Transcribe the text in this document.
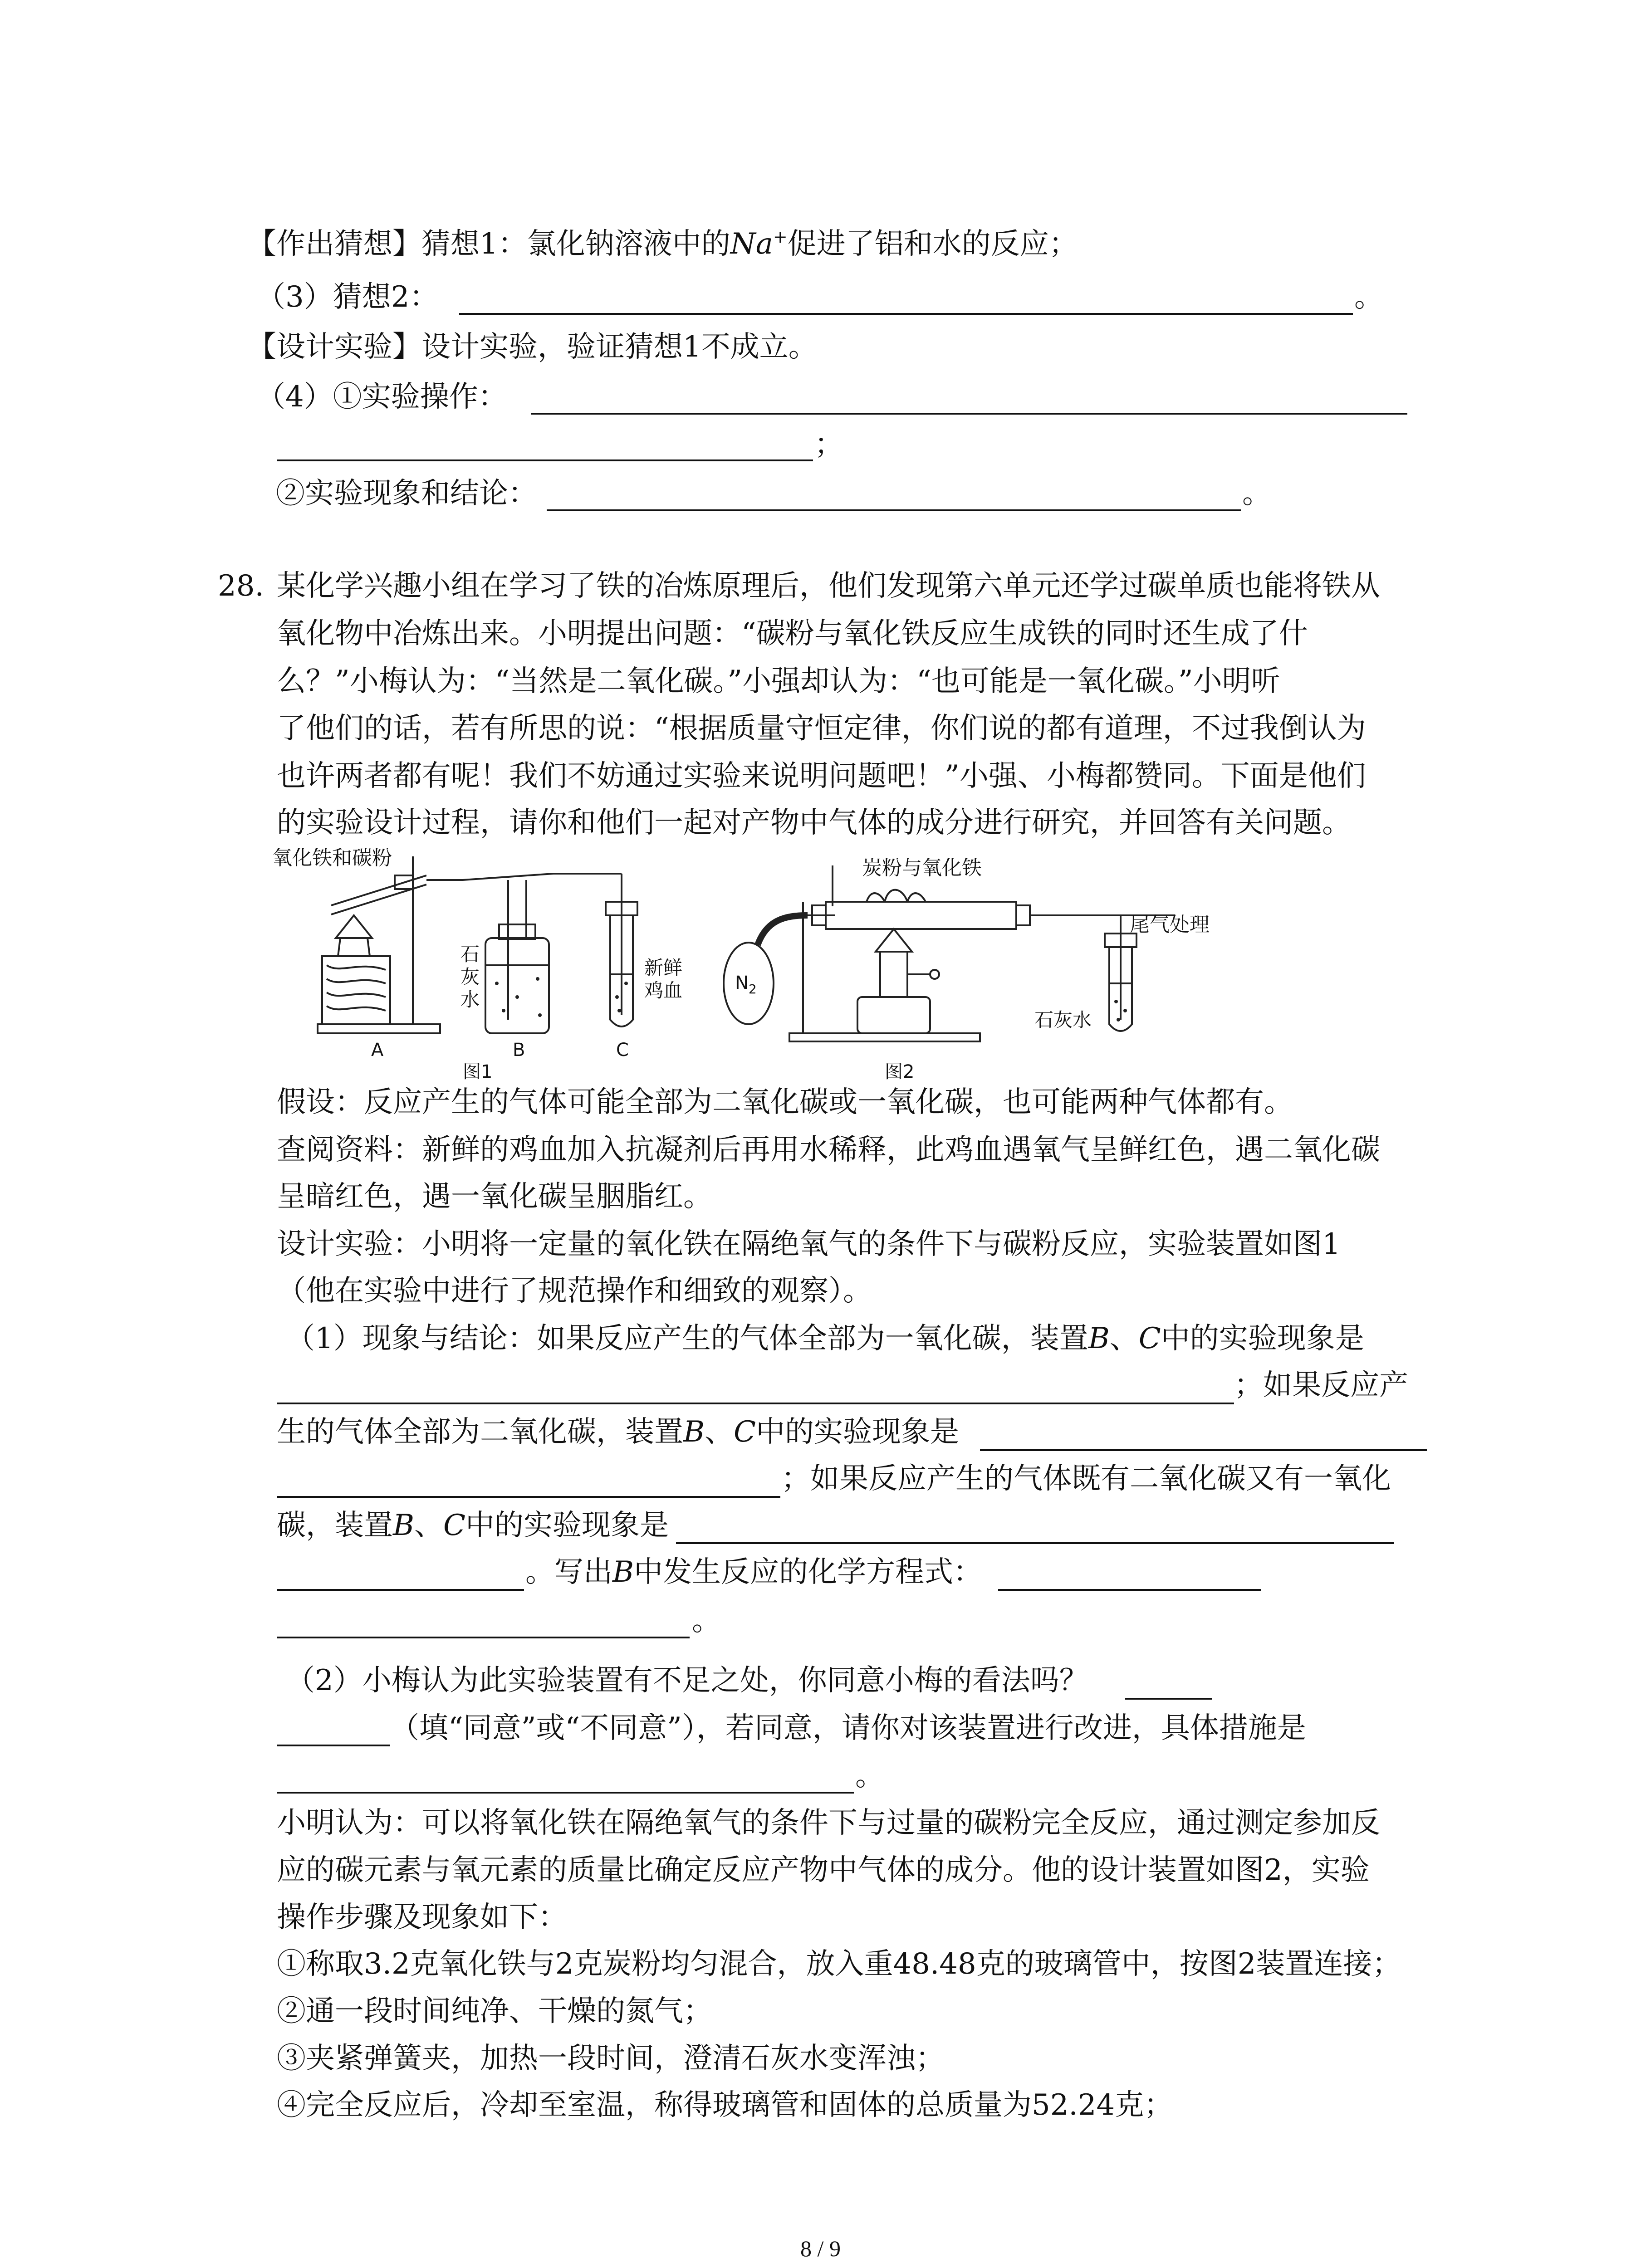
【作出猜想】猜想1：氯化钠溶液中的Na+促进了铝和水的反应；
（3）猜想2：	。
【设计实验】设计实验，验证猜想1不成立。
（4）①实验操作：
；
②实验现象和结论：	。
28. 某化学兴趣小组在学习了铁的冶炼原理后，他们发现第六单元还学过碳单质也能将铁从
氧化物中冶炼出来。小明提出问题：“碳粉与氧化铁反应生成铁的同时还生成了什
么？”小梅认为：“当然是二氧化碳。”小强却认为：“也可能是一氧化碳。”小明听
了他们的话，若有所思的说：“根据质量守恒定律，你们说的都有道理，不过我倒认为
也许两者都有呢！我们不妨通过实验来说明问题吧！”小强、小梅都赞同。下面是他们
的实验设计过程，请你和他们一起对产物中气体的成分进行研究，并回答有关问题。
氧化铁和碳粉
石
灰
水
新鲜
鸡血
A	B	C
图1
炭粉与氧化铁
尾气处理
$N_2$
石灰水
图2
假设：反应产生的气体可能全部为二氧化碳或一氧化碳，也可能两种气体都有。
查阅资料：新鲜的鸡血加入抗凝剂后再用水稀释，此鸡血遇氧气呈鲜红色，遇二氧化碳
呈暗红色，遇一氧化碳呈胭脂红。
设计实验：小明将一定量的氧化铁在隔绝氧气的条件下与碳粉反应，实验装置如图1
（他在实验中进行了规范操作和细致的观察）。
（1）现象与结论：如果反应产生的气体全部为一氧化碳，装置B、C中的实验现象是
；如果反应产
生的气体全部为二氧化碳，装置B、C中的实验现象是
；如果反应产生的气体既有二氧化碳又有一氧化
碳，装置B、C中的实验现象是
。写出B中发生反应的化学方程式：
。
（2）小梅认为此实验装置有不足之处，你同意小梅的看法吗？
（填“同意”或“不同意”），若同意，请你对该装置进行改进，具体措施是
。
小明认为：可以将氧化铁在隔绝氧气的条件下与过量的碳粉完全反应，通过测定参加反
应的碳元素与氧元素的质量比确定反应产物中气体的成分。他的设计装置如图2，实验
操作步骤及现象如下：
①称取3.2克氧化铁与2克炭粉均匀混合，放入重48.48克的玻璃管中，按图2装置连接；
②通一段时间纯净、干燥的氮气；
③夹紧弹簧夹，加热一段时间，澄清石灰水变浑浊；
④完全反应后，冷却至室温，称得玻璃管和固体的总质量为52.24克；
8 / 9
